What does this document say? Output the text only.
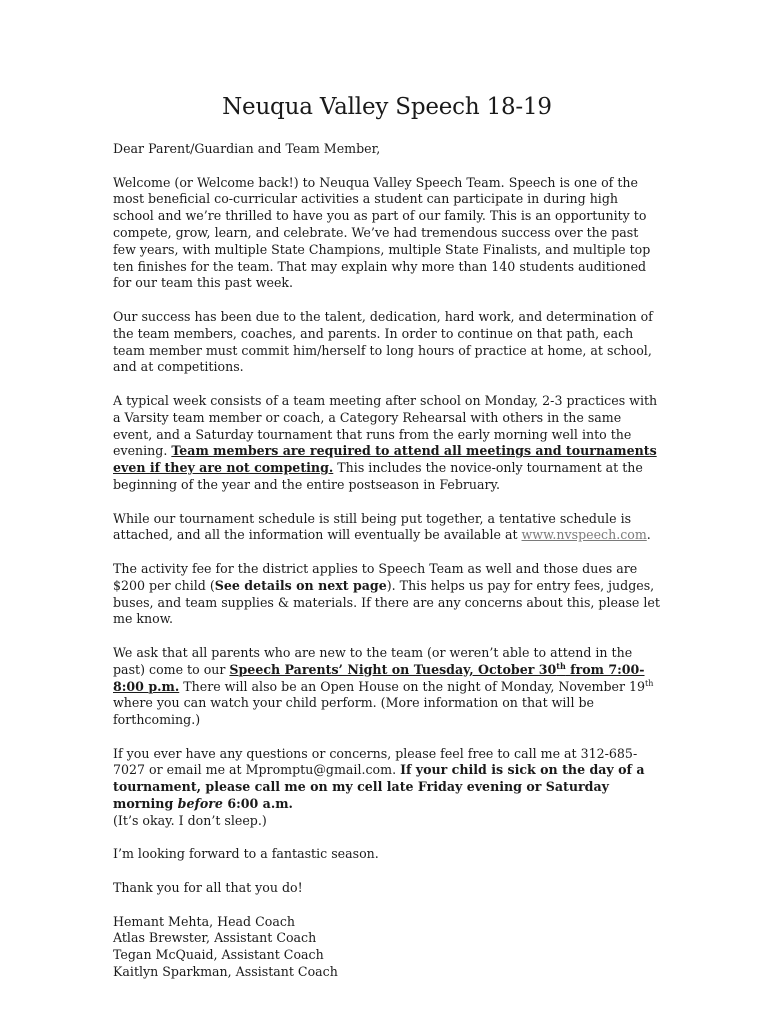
Neuqua Valley Speech 18-19

Dear Parent/Guardian and Team Member,

Welcome (or Welcome back!) to Neuqua Valley Speech Team. Speech is one of the most beneficial co-curricular activities a student can participate in during high school and we’re thrilled to have you as part of our family. This is an opportunity to compete, grow, learn, and celebrate. We’ve had tremendous success over the past few years, with multiple State Champions, multiple State Finalists, and multiple top ten finishes for the team. That may explain why more than 140 students auditioned for our team this past week.

Our success has been due to the talent, dedication, hard work, and determination of the team members, coaches, and parents. In order to continue on that path, each team member must commit him/herself to long hours of practice at home, at school, and at competitions.

A typical week consists of a team meeting after school on Monday, 2-3 practices with a Varsity team member or coach, a Category Rehearsal with others in the same event, and a Saturday tournament that runs from the early morning well into the evening. Team members are required to attend all meetings and tournaments even if they are not competing. This includes the novice-only tournament at the beginning of the year and the entire postseason in February.

While our tournament schedule is still being put together, a tentative schedule is attached, and all the information will eventually be available at www.nvspeech.com.

The activity fee for the district applies to Speech Team as well and those dues are $200 per child (See details on next page). This helps us pay for entry fees, judges, buses, and team supplies & materials. If there are any concerns about this, please let me know.

We ask that all parents who are new to the team (or weren’t able to attend in the past) come to our Speech Parents’ Night on Tuesday, October 30th from 7:00-8:00 p.m. There will also be an Open House on the night of Monday, November 19th where you can watch your child perform. (More information on that will be forthcoming.)

If you ever have any questions or concerns, please feel free to call me at 312-685-7027 or email me at Mpromptu@gmail.com. If your child is sick on the day of a tournament, please call me on my cell late Friday evening or Saturday morning before 6:00 a.m.
(It’s okay. I don’t sleep.)

I’m looking forward to a fantastic season.

Thank you for all that you do!

Hemant Mehta, Head Coach
Atlas Brewster, Assistant Coach
Tegan McQuaid, Assistant Coach
Kaitlyn Sparkman, Assistant Coach
